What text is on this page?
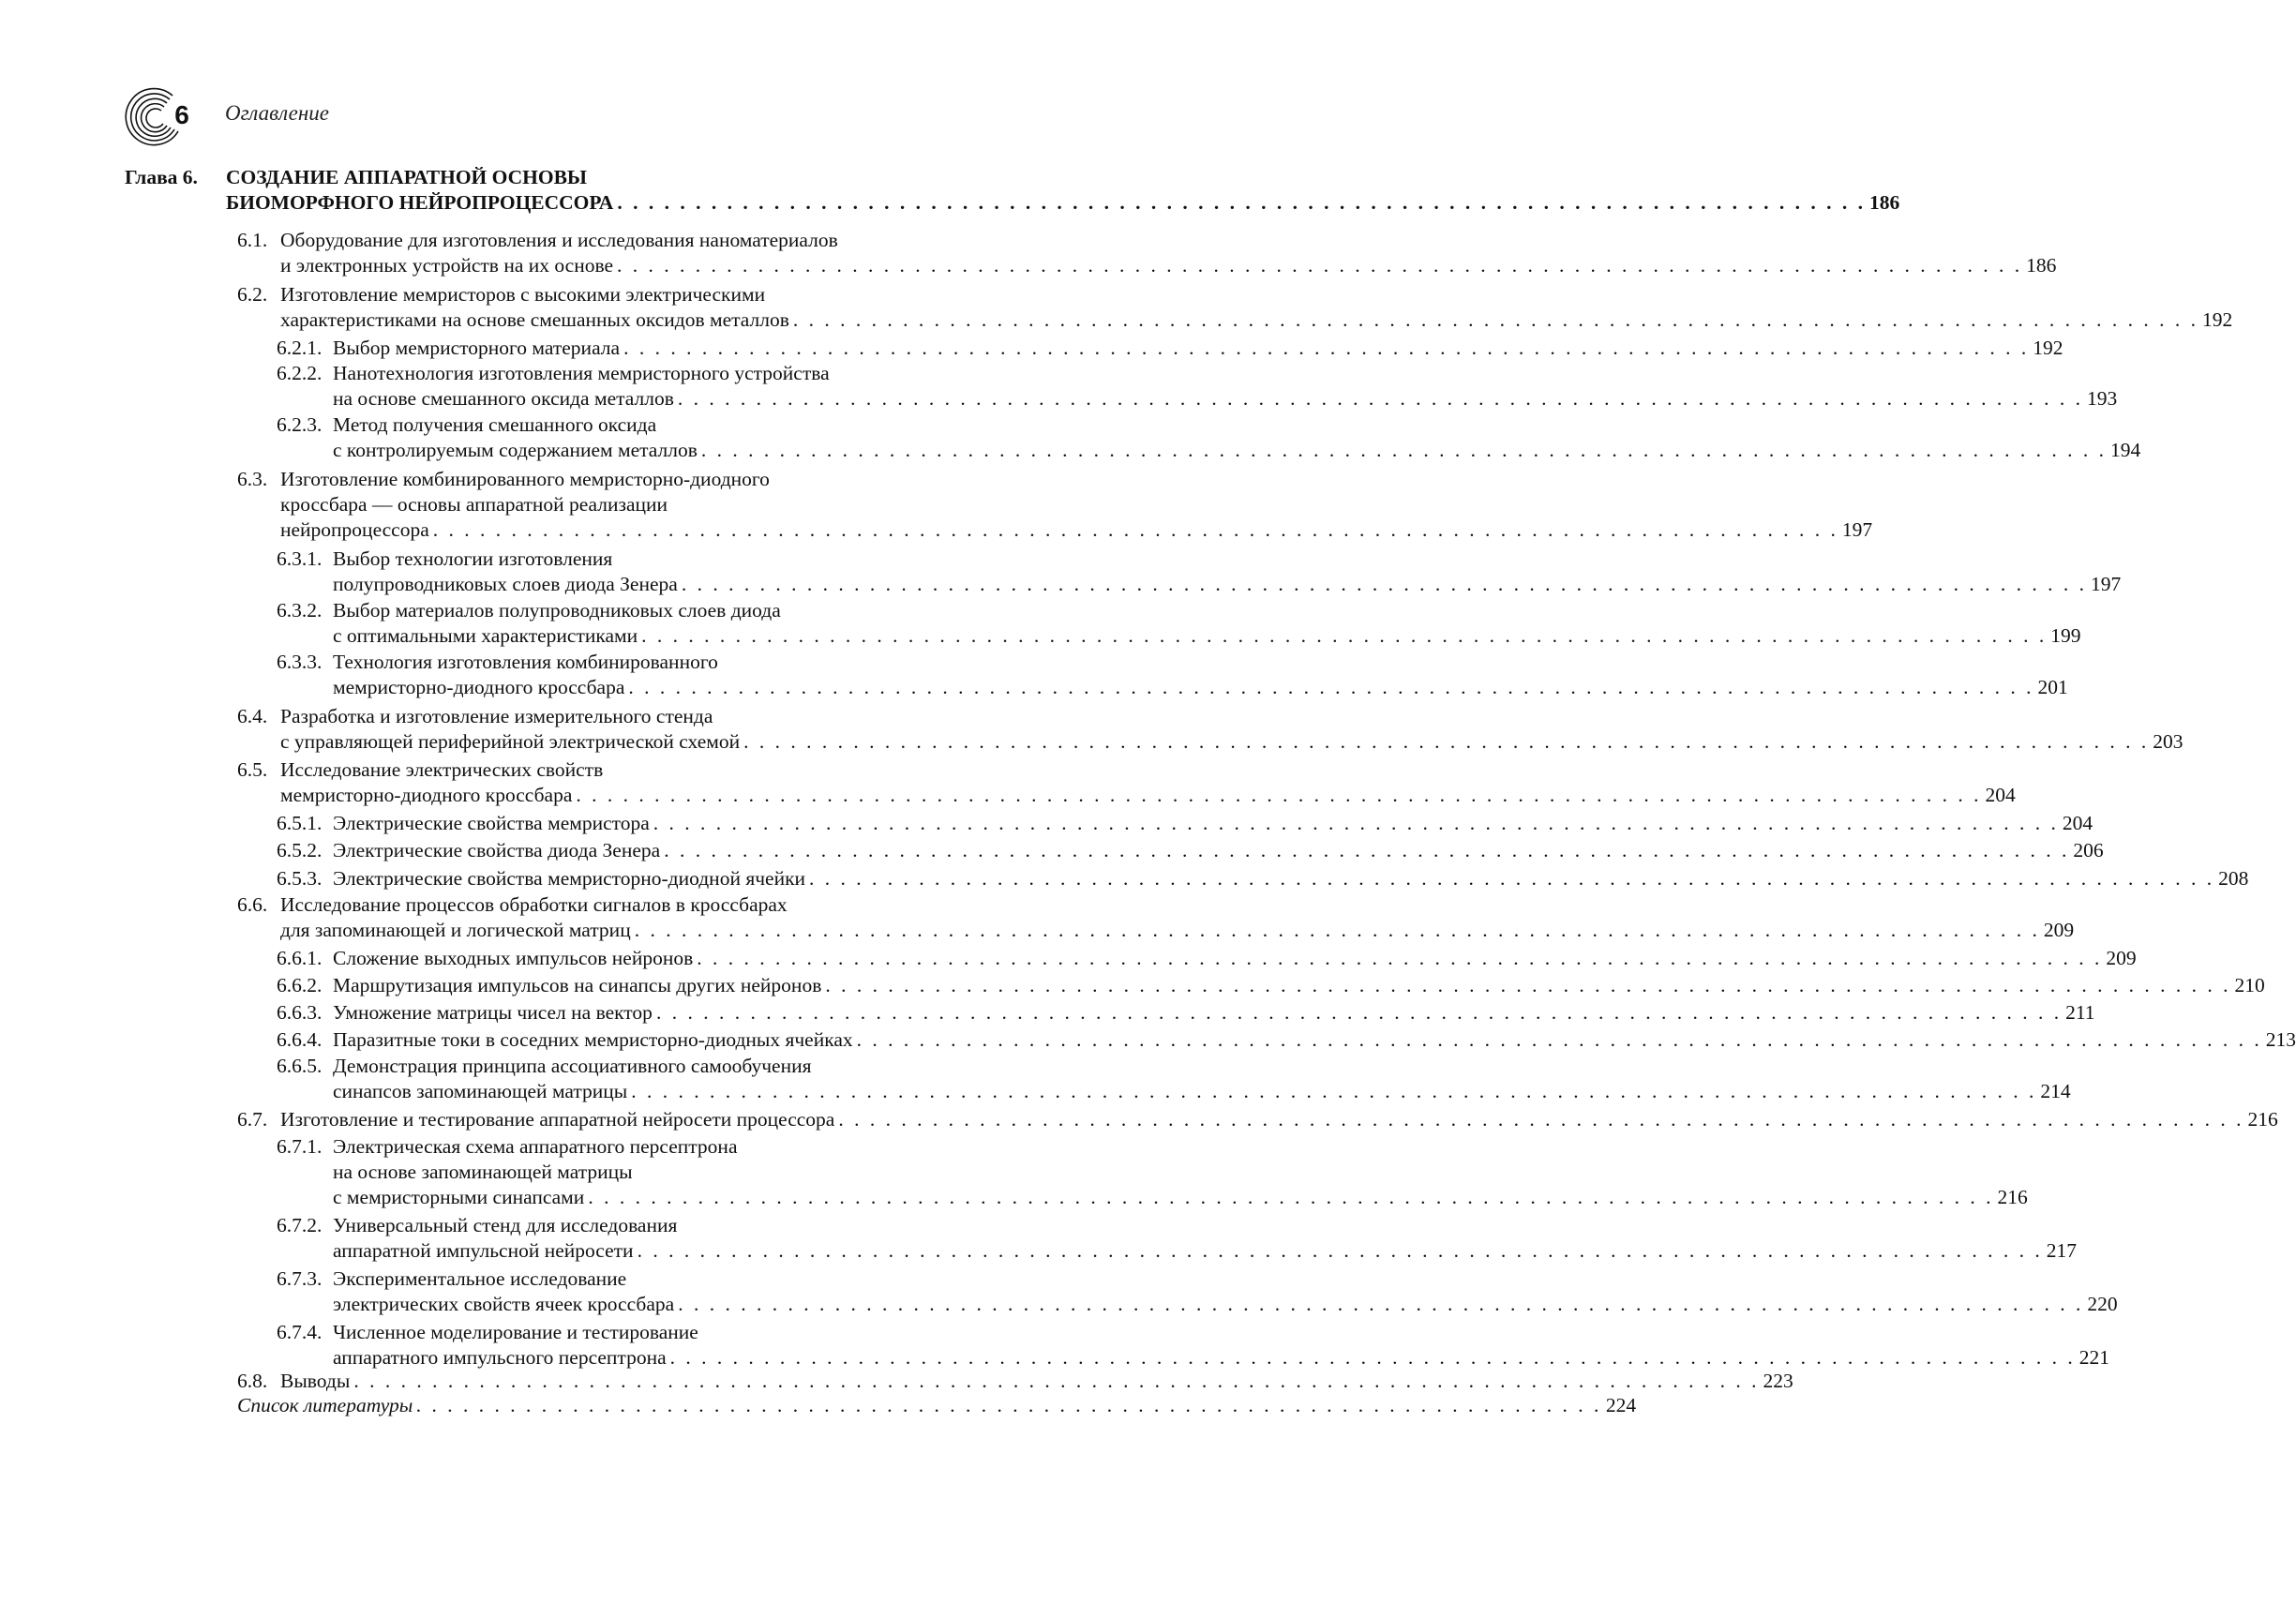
6	Оглавление
Глава 6. СОЗДАНИЕ АППАРАТНОЙ ОСНОВЫ
БИОМОРФНОГО НЕЙРОПРОЦЕССОРА . . . . . . . . . . . . . . . . . . . . . . . . . . . . . . . . . . . . . . . . . . . . . . . . . . . . . . . . . . . . . . . . . . . . . . . . . . . . . . . . 186
6.1. Оборудование для изготовления и исследования наноматериалов
и электронных устройств на их основе . . . . . . . . . . . . . . . . . . . . . . . . . . . . . . . . . . . . . . . . . . . . . . . . . . . . . . . . . . . . . . . . . . . . . . . . . . . . . . . . . . . . . . . . . . 186
6.2. Изготовление мемристоров с высокими электрическими
характеристиками на основе смешанных оксидов металлов . . . . . . . . . . . . . . . . . . . . . . . . . . . . . . . . . . . . . . . . . . . . . . . . . . . . . . . . . . . . . . . . . . . . . . . . . . . . . . . . . . . . . . . . . . 192
6.2.1. Выбор мемристорного материала . . . . . . . . . . . . . . . . . . . . . . . . . . . . . . . . . . . . . . . . . . . . . . . . . . . . . . . . . . . . . . . . . . . . . . . . . . . . . . . . . . . . . . . . . . 192
6.2.2. Нанотехнология изготовления мемристорного устройства
на основе смешанного оксида металлов . . . . . . . . . . . . . . . . . . . . . . . . . . . . . . . . . . . . . . . . . . . . . . . . . . . . . . . . . . . . . . . . . . . . . . . . . . . . . . . . . . . . . . . . . . 193
6.2.3. Метод получения смешанного оксида
с контролируемым содержанием металлов . . . . . . . . . . . . . . . . . . . . . . . . . . . . . . . . . . . . . . . . . . . . . . . . . . . . . . . . . . . . . . . . . . . . . . . . . . . . . . . . . . . . . . . . . . 194
6.3. Изготовление комбинированного мемристорно-диодного
кроссбара — основы аппаратной реализации
нейропроцессора . . . . . . . . . . . . . . . . . . . . . . . . . . . . . . . . . . . . . . . . . . . . . . . . . . . . . . . . . . . . . . . . . . . . . . . . . . . . . . . . . . . . . . . . . . 197
6.3.1. Выбор технологии изготовления
полупроводниковых слоев диода Зенера . . . . . . . . . . . . . . . . . . . . . . . . . . . . . . . . . . . . . . . . . . . . . . . . . . . . . . . . . . . . . . . . . . . . . . . . . . . . . . . . . . . . . . . . . . 197
6.3.2. Выбор материалов полупроводниковых слоев диода
с оптимальными характеристиками . . . . . . . . . . . . . . . . . . . . . . . . . . . . . . . . . . . . . . . . . . . . . . . . . . . . . . . . . . . . . . . . . . . . . . . . . . . . . . . . . . . . . . . . . . 199
6.3.3. Технология изготовления комбинированного
мемристорно-диодного кроссбара . . . . . . . . . . . . . . . . . . . . . . . . . . . . . . . . . . . . . . . . . . . . . . . . . . . . . . . . . . . . . . . . . . . . . . . . . . . . . . . . . . . . . . . . . . 201
6.4. Разработка и изготовление измерительного стенда
с управляющей периферийной электрической схемой . . . . . . . . . . . . . . . . . . . . . . . . . . . . . . . . . . . . . . . . . . . . . . . . . . . . . . . . . . . . . . . . . . . . . . . . . . . . . . . . . . . . . . . . . . 203
6.5. Исследование электрических свойств
мемристорно-диодного кроссбара . . . . . . . . . . . . . . . . . . . . . . . . . . . . . . . . . . . . . . . . . . . . . . . . . . . . . . . . . . . . . . . . . . . . . . . . . . . . . . . . . . . . . . . . . . 204
6.5.1. Электрические свойства мемристора . . . . . . . . . . . . . . . . . . . . . . . . . . . . . . . . . . . . . . . . . . . . . . . . . . . . . . . . . . . . . . . . . . . . . . . . . . . . . . . . . . . . . . . . . . 204
6.5.2. Электрические свойства диода Зенера . . . . . . . . . . . . . . . . . . . . . . . . . . . . . . . . . . . . . . . . . . . . . . . . . . . . . . . . . . . . . . . . . . . . . . . . . . . . . . . . . . . . . . . . . . 206
6.5.3. Электрические свойства мемристорно-диодной ячейки . . . . . . . . . . . . . . . . . . . . . . . . . . . . . . . . . . . . . . . . . . . . . . . . . . . . . . . . . . . . . . . . . . . . . . . . . . . . . . . . . . . . . . . . . . 208
6.6. Исследование процессов обработки сигналов в кроссбарах
для запоминающей и логической матриц . . . . . . . . . . . . . . . . . . . . . . . . . . . . . . . . . . . . . . . . . . . . . . . . . . . . . . . . . . . . . . . . . . . . . . . . . . . . . . . . . . . . . . . . . . 209
6.6.1. Сложение выходных импульсов нейронов . . . . . . . . . . . . . . . . . . . . . . . . . . . . . . . . . . . . . . . . . . . . . . . . . . . . . . . . . . . . . . . . . . . . . . . . . . . . . . . . . . . . . . . . . . 209
6.6.2. Маршрутизация импульсов на синапсы других нейронов . . . . . . . . . . . . . . . . . . . . . . . . . . . . . . . . . . . . . . . . . . . . . . . . . . . . . . . . . . . . . . . . . . . . . . . . . . . . . . . . . . . . . . . . . . 210
6.6.3. Умножение матрицы чисел на вектор . . . . . . . . . . . . . . . . . . . . . . . . . . . . . . . . . . . . . . . . . . . . . . . . . . . . . . . . . . . . . . . . . . . . . . . . . . . . . . . . . . . . . . . . . . 211
6.6.4. Паразитные токи в соседних мемристорно-диодных ячейках . . . . . . . . . . . . . . . . . . . . . . . . . . . . . . . . . . . . . . . . . . . . . . . . . . . . . . . . . . . . . . . . . . . . . . . . . . . . . . . . . . . . . . . . . . 213
6.6.5. Демонстрация принципа ассоциативного самообучения
синапсов запоминающей матрицы . . . . . . . . . . . . . . . . . . . . . . . . . . . . . . . . . . . . . . . . . . . . . . . . . . . . . . . . . . . . . . . . . . . . . . . . . . . . . . . . . . . . . . . . . . 214
6.7. Изготовление и тестирование аппаратной нейросети процессора . . . . . . . . . . . . . . . . . . . . . . . . . . . . . . . . . . . . . . . . . . . . . . . . . . . . . . . . . . . . . . . . . . . . . . . . . . . . . . . . . . . . . . . . . . 216
6.7.1. Электрическая схема аппаратного персептрона
на основе запоминающей матрицы
с мемристорными синапсами . . . . . . . . . . . . . . . . . . . . . . . . . . . . . . . . . . . . . . . . . . . . . . . . . . . . . . . . . . . . . . . . . . . . . . . . . . . . . . . . . . . . . . . . . . 216
6.7.2. Универсальный стенд для исследования
аппаратной импульсной нейросети . . . . . . . . . . . . . . . . . . . . . . . . . . . . . . . . . . . . . . . . . . . . . . . . . . . . . . . . . . . . . . . . . . . . . . . . . . . . . . . . . . . . . . . . . . 217
6.7.3. Экспериментальное исследование
электрических свойств ячеек кроссбара . . . . . . . . . . . . . . . . . . . . . . . . . . . . . . . . . . . . . . . . . . . . . . . . . . . . . . . . . . . . . . . . . . . . . . . . . . . . . . . . . . . . . . . . . . 220
6.7.4. Численное моделирование и тестирование
аппаратного импульсного персептрона . . . . . . . . . . . . . . . . . . . . . . . . . . . . . . . . . . . . . . . . . . . . . . . . . . . . . . . . . . . . . . . . . . . . . . . . . . . . . . . . . . . . . . . . . . 221
6.8. Выводы . . . . . . . . . . . . . . . . . . . . . . . . . . . . . . . . . . . . . . . . . . . . . . . . . . . . . . . . . . . . . . . . . . . . . . . . . . . . . . . . . . . . . . . . . . 223
Список литературы . . . . . . . . . . . . . . . . . . . . . . . . . . . . . . . . . . . . . . . . . . . . . . . . . . . . . . . . . . . . . . . . . . . . . . . . . . . . 224
